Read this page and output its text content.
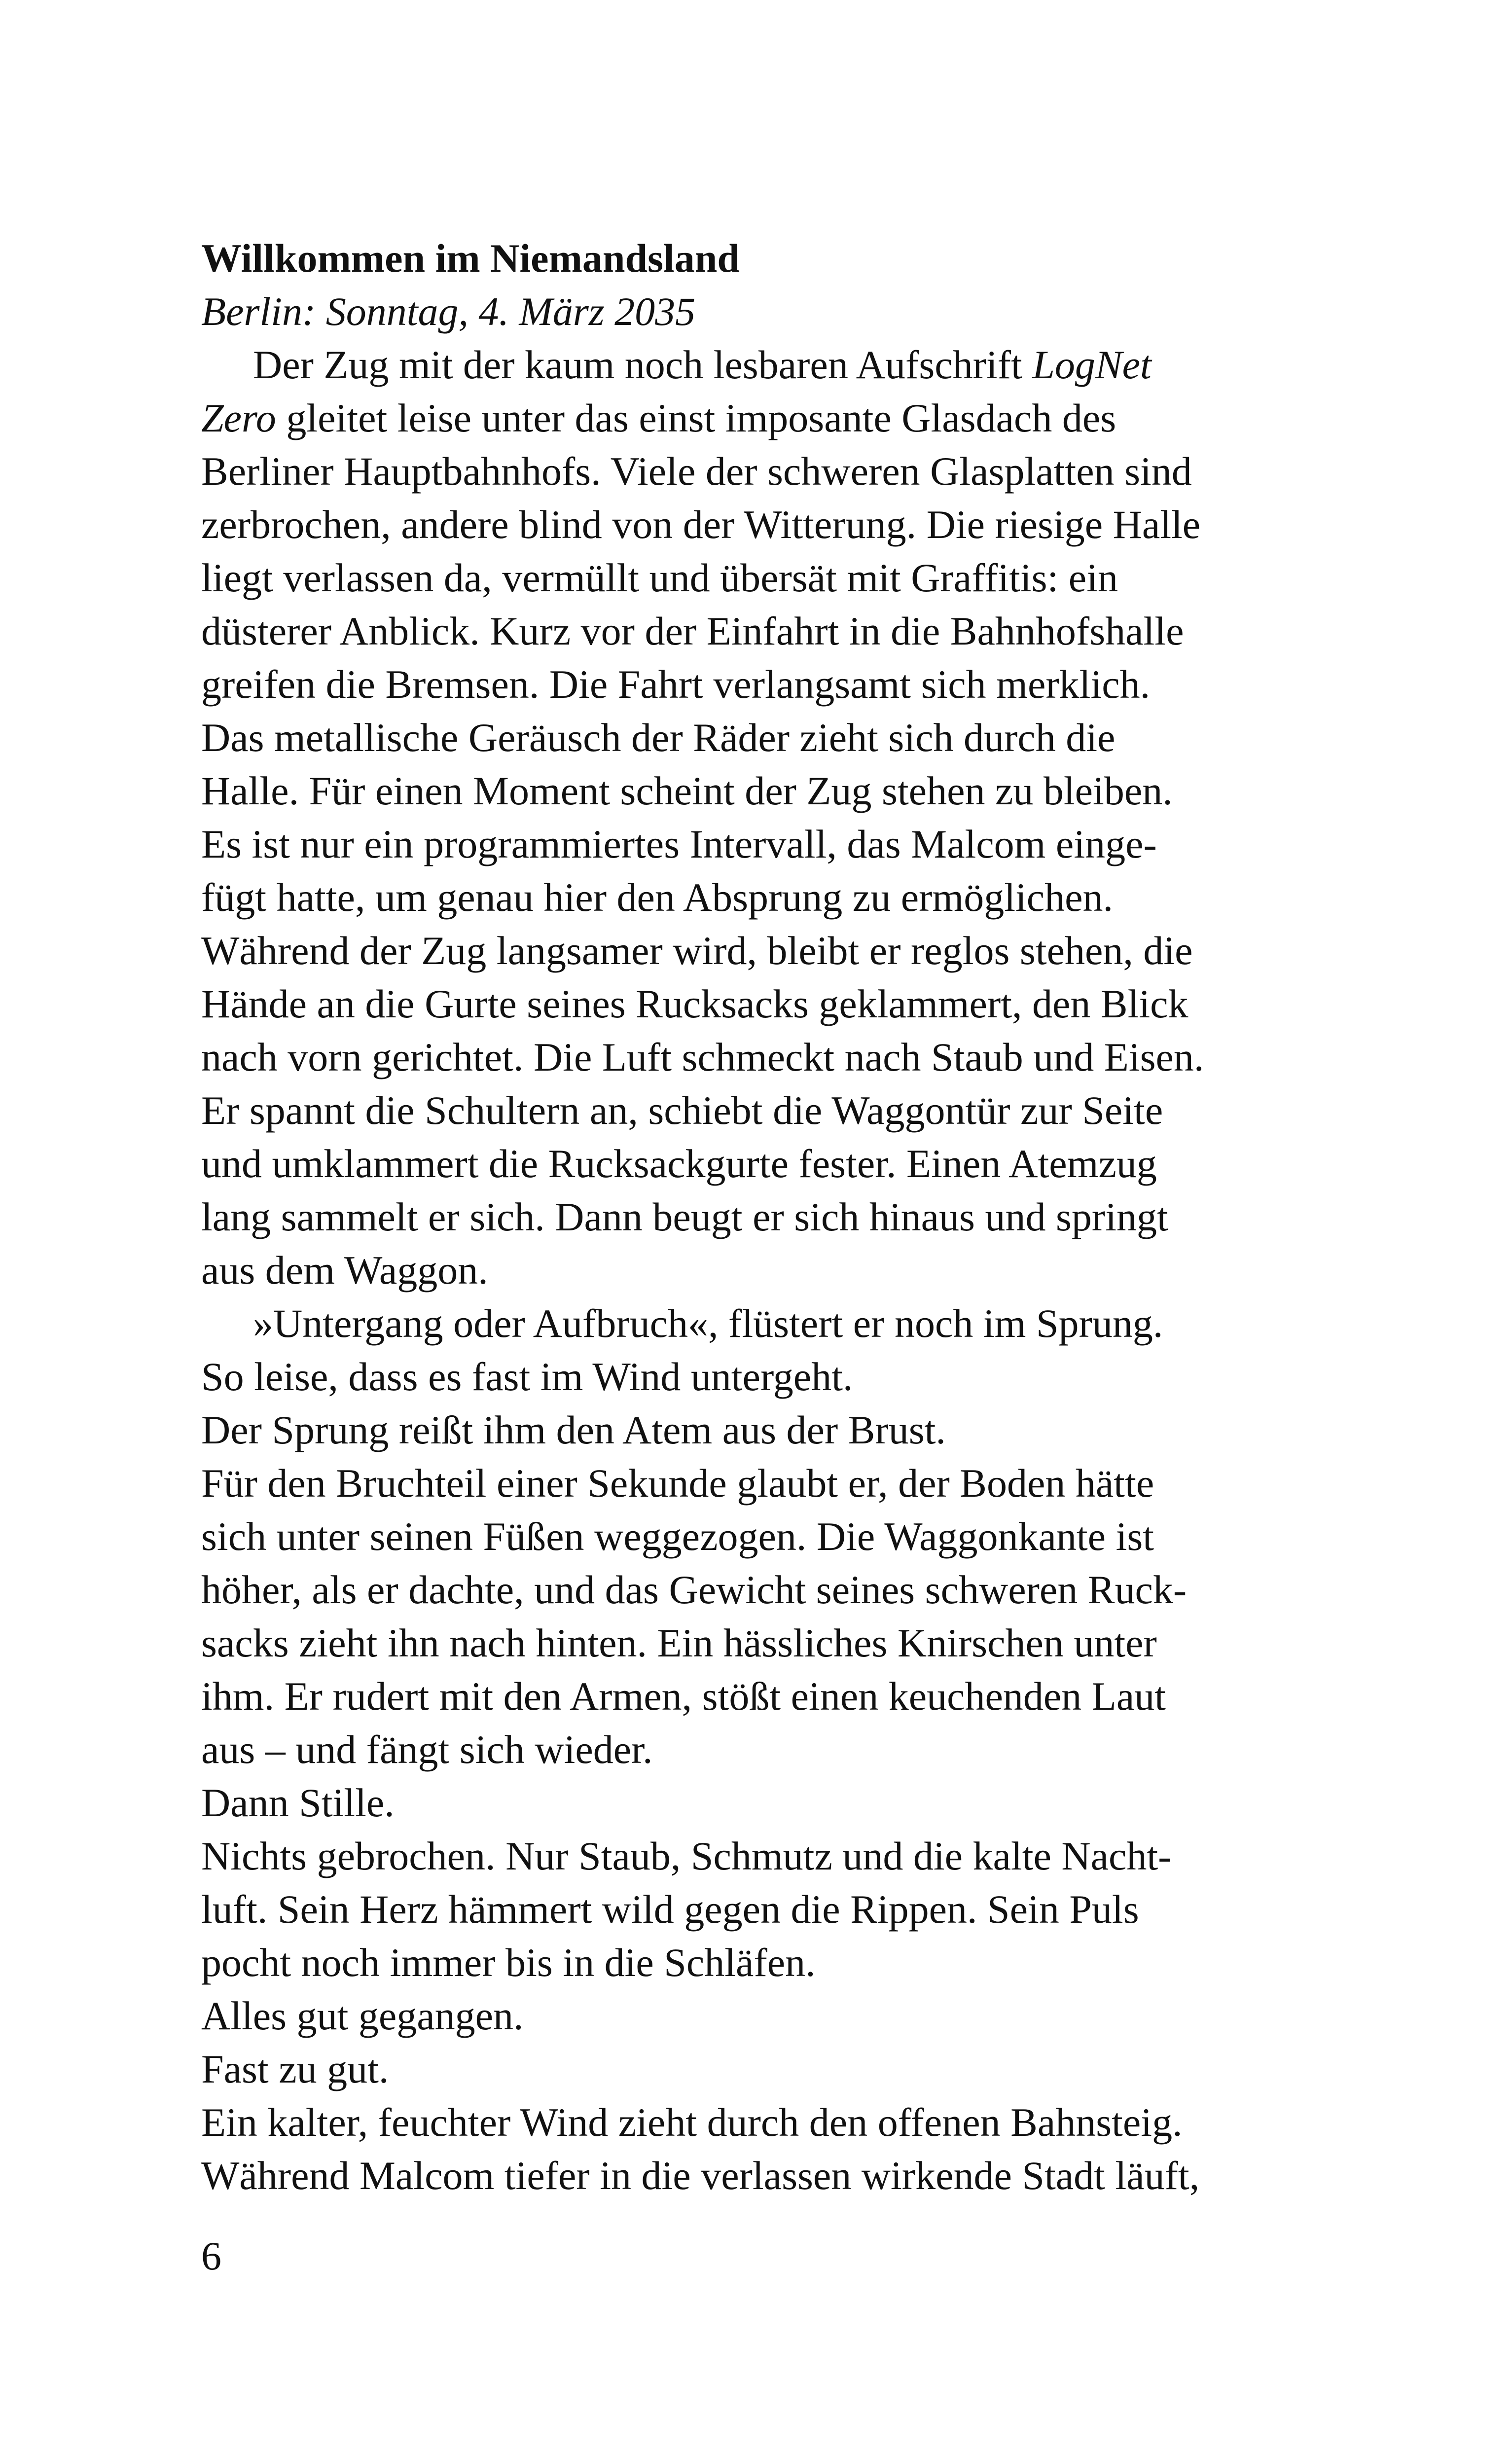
Willkommen im Niemandsland
Berlin: Sonntag, 4. März 2035
Der Zug mit der kaum noch lesbaren Aufschrift LogNet
Zero gleitet leise unter das einst imposante Glasdach des
Berliner Hauptbahnhofs. Viele der schweren Glasplatten sind
zerbrochen, andere blind von der Witterung. Die riesige Halle
liegt verlassen da, vermüllt und übersät mit Graffitis: ein
düsterer Anblick. Kurz vor der Einfahrt in die Bahnhofshalle
greifen die Bremsen. Die Fahrt verlangsamt sich merklich.
Das metallische Geräusch der Räder zieht sich durch die
Halle. Für einen Moment scheint der Zug stehen zu bleiben.
Es ist nur ein programmiertes Intervall, das Malcom einge-
fügt hatte, um genau hier den Absprung zu ermöglichen.
Während der Zug langsamer wird, bleibt er reglos stehen, die
Hände an die Gurte seines Rucksacks geklammert, den Blick
nach vorn gerichtet. Die Luft schmeckt nach Staub und Eisen.
Er spannt die Schultern an, schiebt die Waggontür zur Seite
und umklammert die Rucksackgurte fester. Einen Atemzug
lang sammelt er sich. Dann beugt er sich hinaus und springt
aus dem Waggon.
»Untergang oder Aufbruch«, flüstert er noch im Sprung.
So leise, dass es fast im Wind untergeht.
Der Sprung reißt ihm den Atem aus der Brust.
Für den Bruchteil einer Sekunde glaubt er, der Boden hätte
sich unter seinen Füßen weggezogen. Die Waggonkante ist
höher, als er dachte, und das Gewicht seines schweren Ruck-
sacks zieht ihn nach hinten. Ein hässliches Knirschen unter
ihm. Er rudert mit den Armen, stößt einen keuchenden Laut
aus – und fängt sich wieder.
Dann Stille.
Nichts gebrochen. Nur Staub, Schmutz und die kalte Nacht-
luft. Sein Herz hämmert wild gegen die Rippen. Sein Puls
pocht noch immer bis in die Schläfen.
Alles gut gegangen.
Fast zu gut.
Ein kalter, feuchter Wind zieht durch den offenen Bahnsteig.
Während Malcom tiefer in die verlassen wirkende Stadt läuft,
6
